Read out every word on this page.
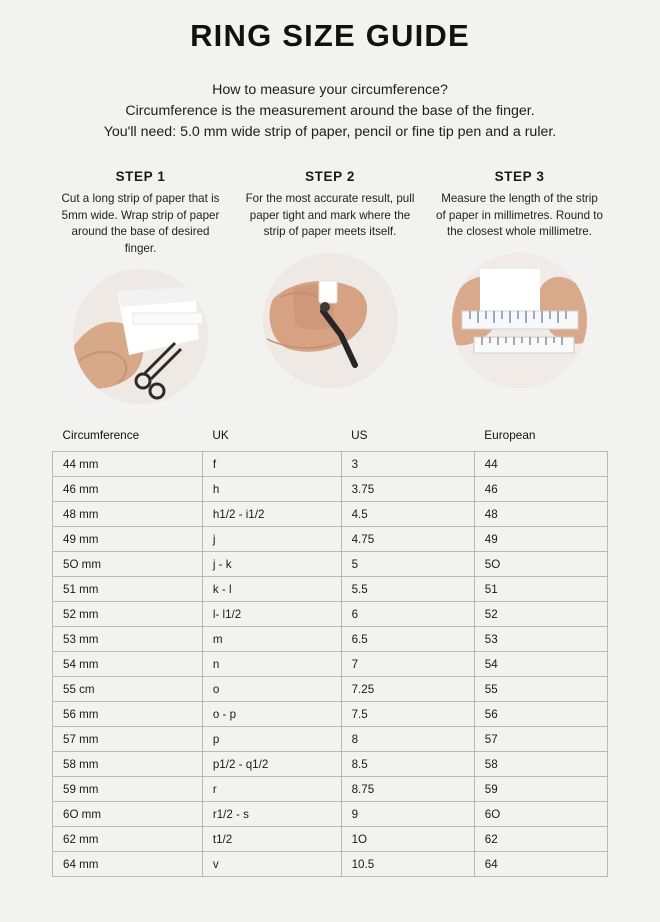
RING SIZE GUIDE
How to measure your circumference?
Circumference is the measurement around the base of the finger.
You'll need: 5.0 mm wide strip of paper, pencil or fine tip pen and a ruler.
STEP 1
Cut a long strip of paper that is 5mm wide. Wrap strip of paper around the base of desired finger.
STEP 2
For the most accurate result, pull paper tight and mark where the strip of paper meets itself.
STEP 3
Measure the length of the strip of paper in millimetres. Round to the closest whole millimetre.
Circumference	UK	US	European
44 mm	f	3	44
46 mm	h	3.75	46
48 mm	h1/2 - i1/2	4.5	48
49 mm	j	4.75	49
5O mm	j - k	5	5O
51 mm	k - l	5.5	51
52 mm	l- l1/2	6	52
53 mm	m	6.5	53
54 mm	n	7	54
55 cm	o	7.25	55
56 mm	o - p	7.5	56
57 mm	p	8	57
58 mm	p1/2 - q1/2	8.5	58
59 mm	r	8.75	59
6O mm	r1/2 - s	9	6O
62 mm	t1/2	1O	62
64 mm	v	10.5	64
